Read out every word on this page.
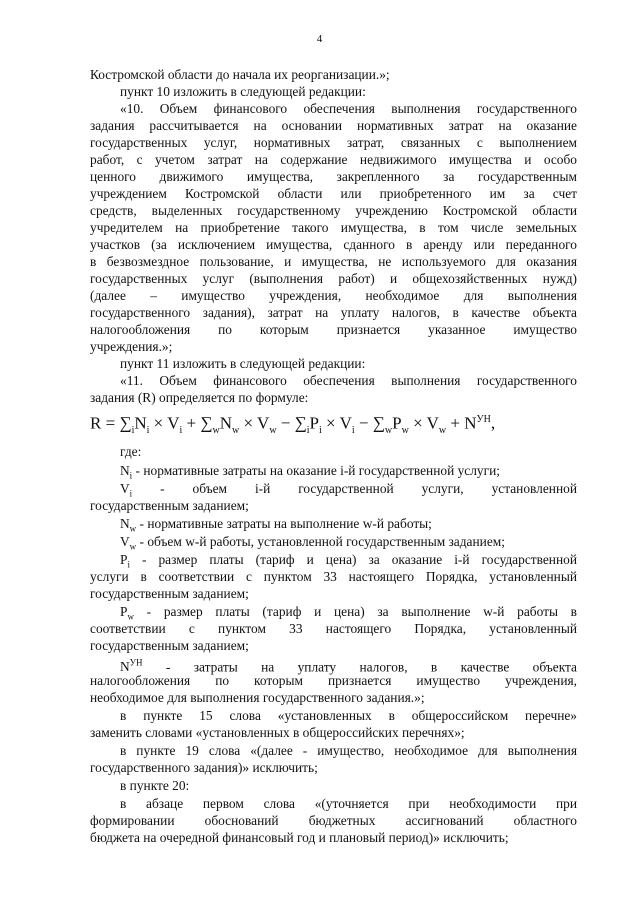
4
Костромской области до начала их реорганизации.»;
пункт 10 изложить в следующей редакции:
«10. Объем финансового обеспечения выполнения государственного
задания рассчитывается на основании нормативных затрат на оказание
государственных услуг, нормативных затрат, связанных с выполнением
работ, с учетом затрат на содержание недвижимого имущества и особо
ценного движимого имущества, закрепленного за государственным
учреждением Костромской области или приобретенного им за счет
средств, выделенных государственному учреждению Костромской области
учредителем на приобретение такого имущества, в том числе земельных
участков (за исключением имущества, сданного в аренду или переданного
в безвозмездное пользование, и имущества, не используемого для оказания
государственных услуг (выполнения работ) и общехозяйственных нужд)
(далее – имущество учреждения, необходимое для выполнения
государственного задания), затрат на уплату налогов, в качестве объекта
налогообложения по которым признается указанное имущество
учреждения.»;
пункт 11 изложить в следующей редакции:
«11. Объем финансового обеспечения выполнения государственного
задания (R) определяется по формуле:
$R = \sum_iN_i \times V_i + \sum_wN_w \times V_w - \sum_iP_i \times V_i - \sum_wP_w \times V_w + N^{УН}$,
где:
$N_i$ - нормативные затраты на оказание i-й государственной услуги;
$V_i$ - объем i-й государственной услуги, установленной
государственным заданием;
$N_w$ - нормативные затраты на выполнение w-й работы;
$V_w$ - объем w-й работы, установленной государственным заданием;
$P_i$ - размер платы (тариф и цена) за оказание i-й государственной
услуги в соответствии с пунктом 33 настоящего Порядка, установленный
государственным заданием;
$P_w$ - размер платы (тариф и цена) за выполнение w-й работы в
соответствии с пунктом 33 настоящего Порядка, установленный
государственным заданием;
$N^{УН}$ - затраты на уплату налогов, в качестве объекта
налогообложения по которым признается имущество учреждения,
необходимое для выполнения государственного задания.»;
в пункте 15 слова «установленных в общероссийском перечне»
заменить словами «установленных в общероссийских перечнях»;
в пункте 19 слова «(далее - имущество, необходимое для выполнения
государственного задания)» исключить;
в пункте 20:
в абзаце первом слова «(уточняется при необходимости при
формировании обоснований бюджетных ассигнований областного
бюджета на очередной финансовый год и плановый период)» исключить;
